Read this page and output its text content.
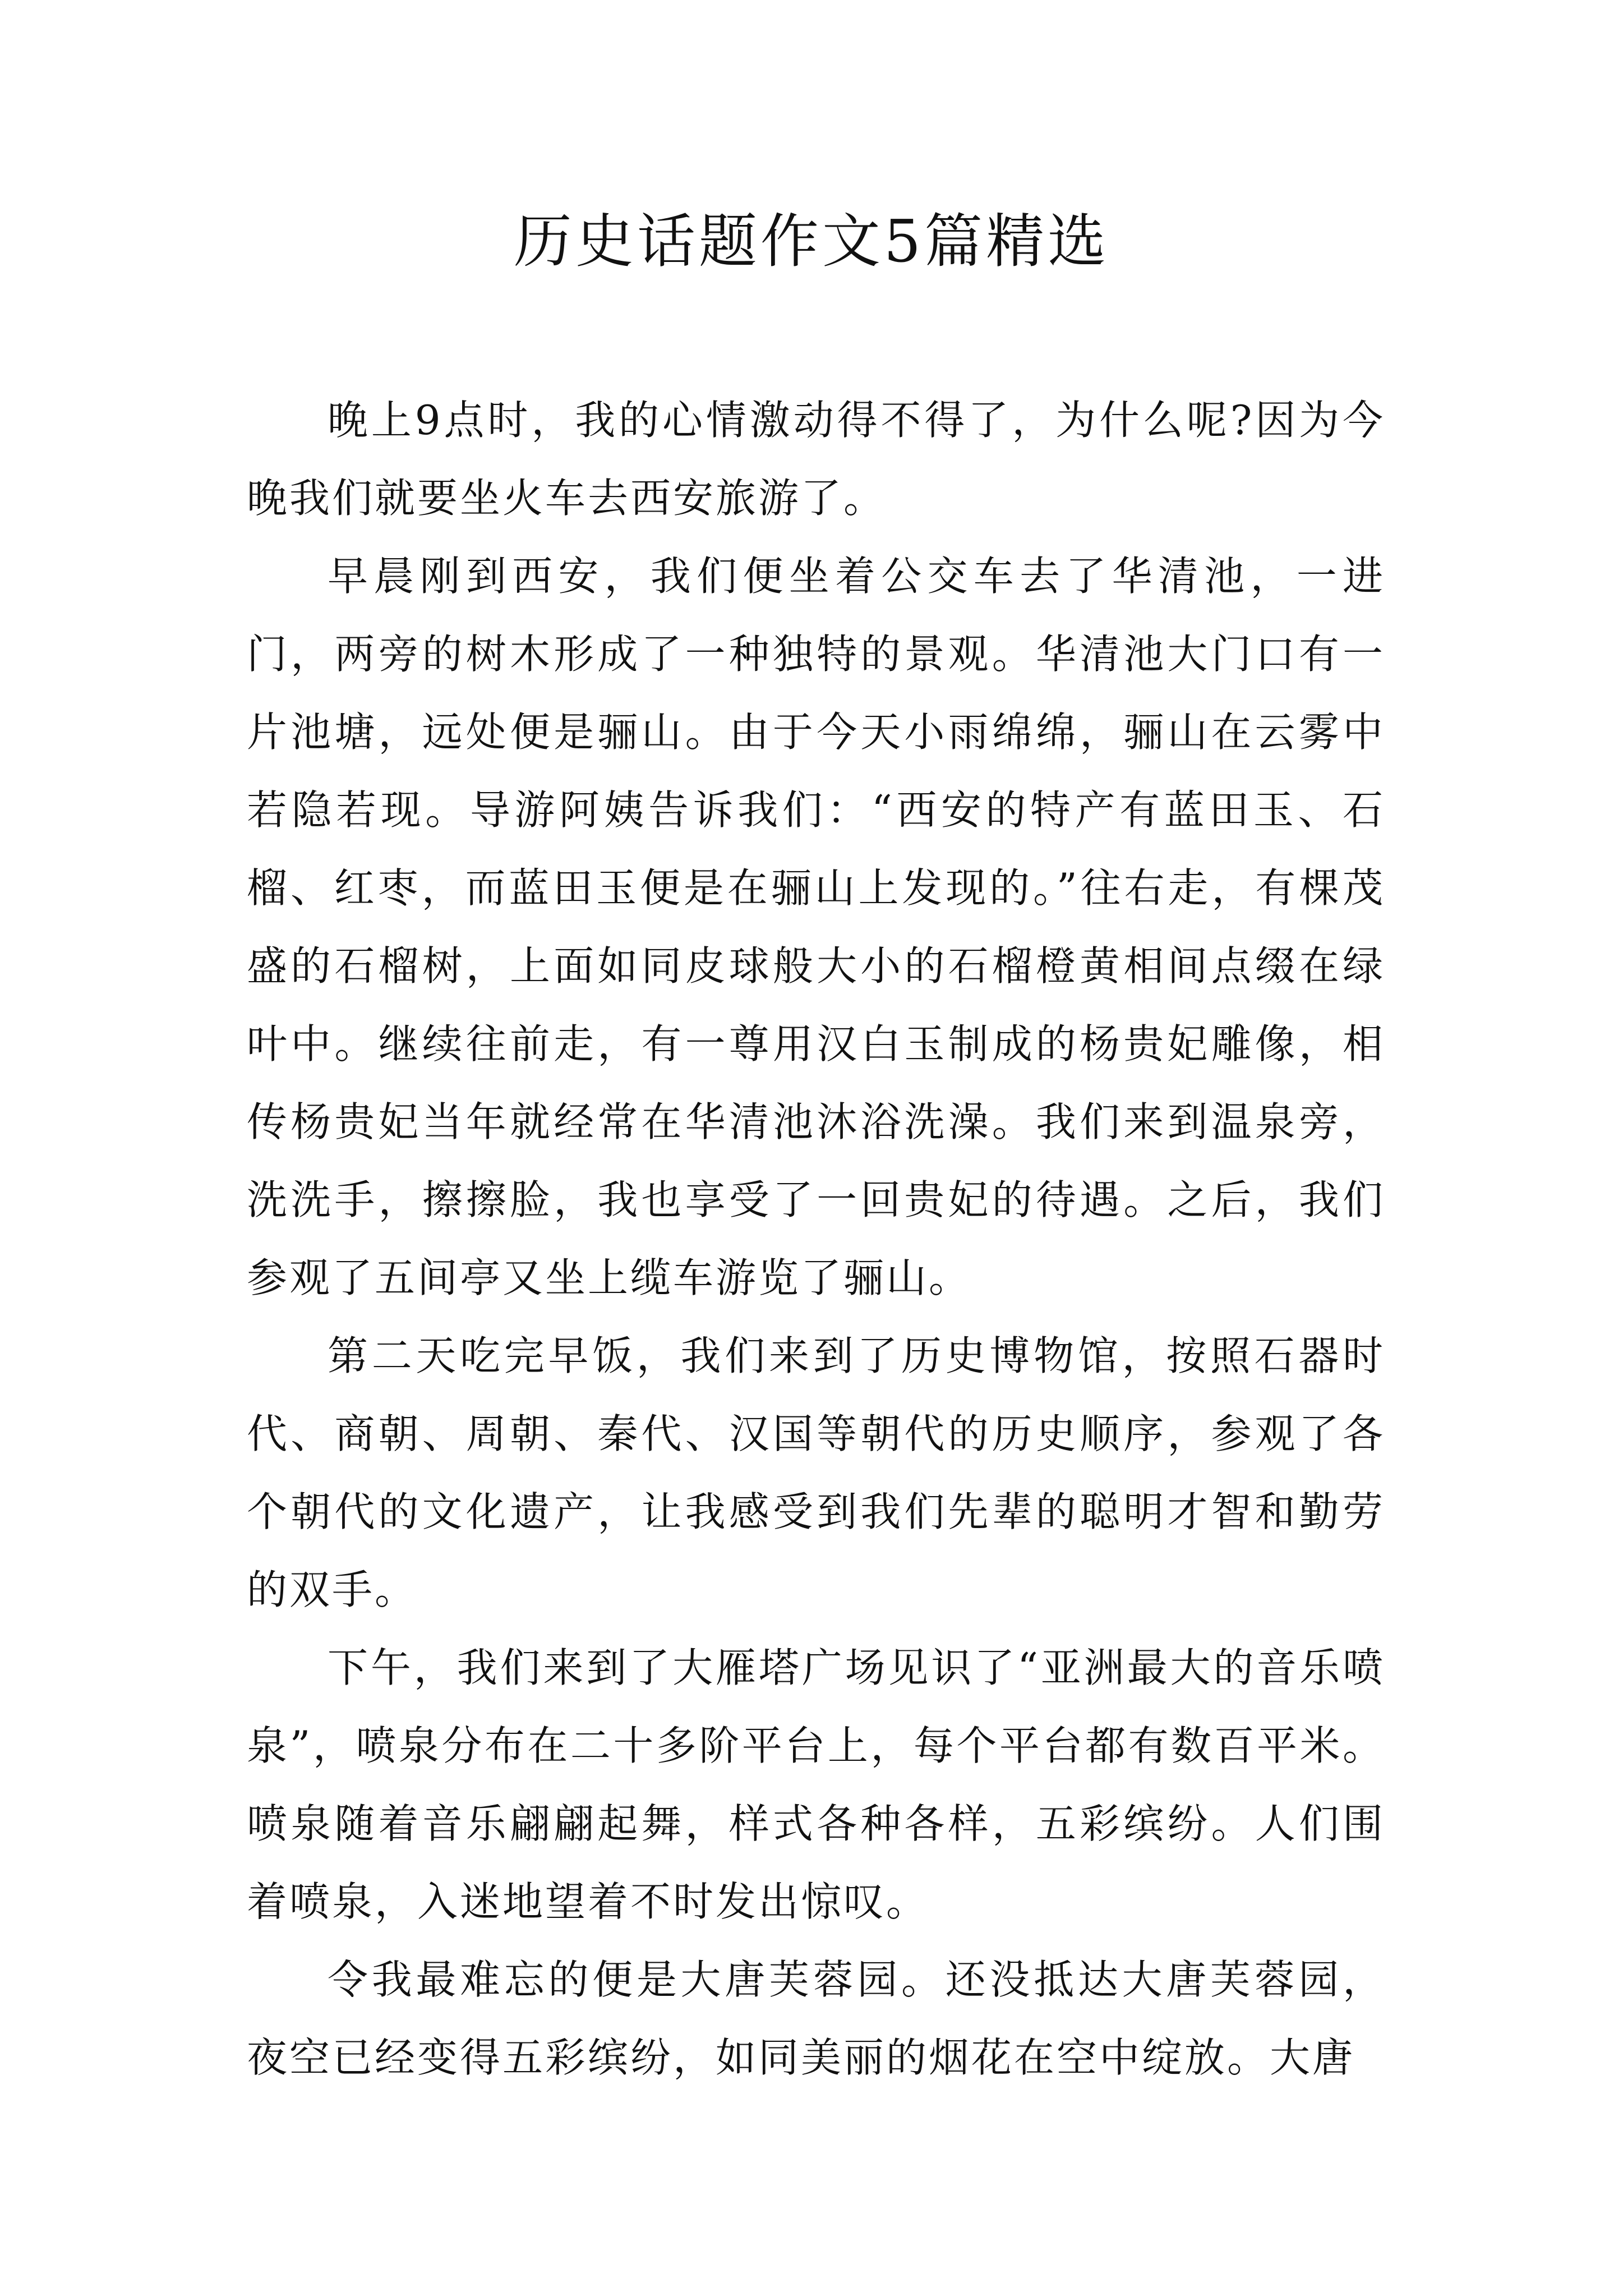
历史话题作文5篇精选

晚上9点时，我的心情激动得不得了，为什么呢?因为今晚我们就要坐火车去西安旅游了。

早晨刚到西安，我们便坐着公交车去了华清池，一进门，两旁的树木形成了一种独特的景观。华清池大门口有一片池塘，远处便是骊山。由于今天小雨绵绵，骊山在云雾中若隐若现。导游阿姨告诉我们：“西安的特产有蓝田玉、石榴、红枣，而蓝田玉便是在骊山上发现的。”往右走，有棵茂盛的石榴树，上面如同皮球般大小的石榴橙黄相间点缀在绿叶中。继续往前走，有一尊用汉白玉制成的杨贵妃雕像，相传杨贵妃当年就经常在华清池沐浴洗澡。我们来到温泉旁，洗洗手，擦擦脸，我也享受了一回贵妃的待遇。之后，我们参观了五间亭又坐上缆车游览了骊山。

第二天吃完早饭，我们来到了历史博物馆，按照石器时代、商朝、周朝、秦代、汉国等朝代的历史顺序，参观了各个朝代的文化遗产，让我感受到我们先辈的聪明才智和勤劳的双手。

下午，我们来到了大雁塔广场见识了“亚洲最大的音乐喷泉”，喷泉分布在二十多阶平台上，每个平台都有数百平米。喷泉随着音乐翩翩起舞，样式各种各样，五彩缤纷。人们围着喷泉，入迷地望着不时发出惊叹。

令我最难忘的便是大唐芙蓉园。还没抵达大唐芙蓉园，夜空已经变得五彩缤纷，如同美丽的烟花在空中绽放。大唐
